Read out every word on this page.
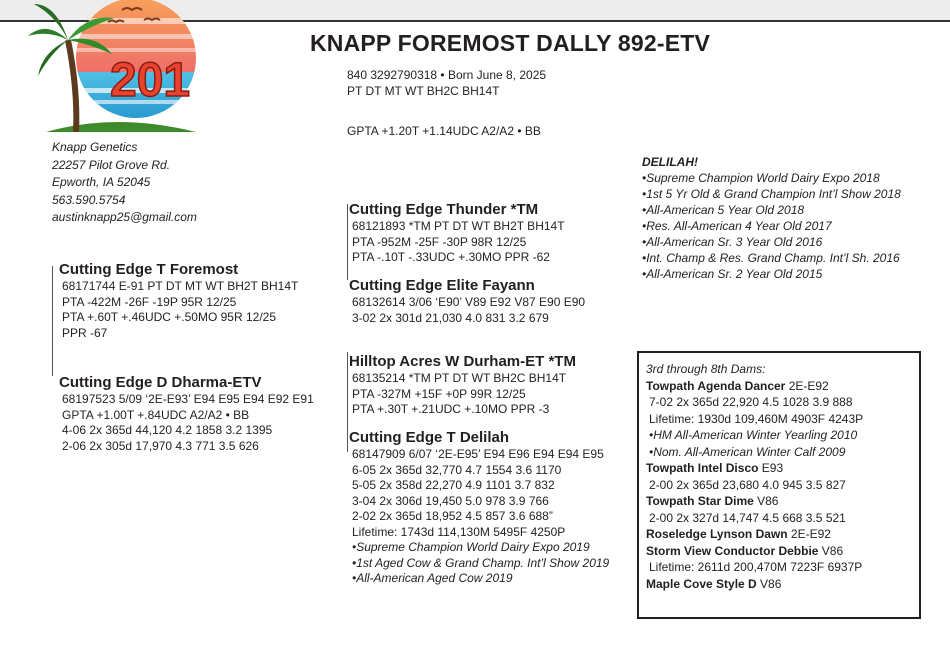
201
KNAPP FOREMOST DALLY 892-ETV
840 3292790318 • Born June 8, 2025
PT DT MT WT BH2C BH14T
GPTA +1.20T +1.14UDC A2/A2 • BB
Knapp Genetics
22257 Pilot Grove Rd.
Epworth, IA 52045
563.590.5754
austinknapp25@gmail.com
Cutting Edge T Foremost
68171744 E-91 PT DT MT WT BH2T BH14T
PTA -422M -26F -19P 95R 12/25
PTA +.60T +.46UDC +.50MO 95R 12/25
PPR -67
Cutting Edge D Dharma-ETV
68197523 5/09 ‘2E-E93’ E94 E95 E94 E92 E91
GPTA +1.00T +.84UDC A2/A2 • BB
4-06 2x 365d 44,120 4.2 1858 3.2 1395
2-06 2x 305d 17,970 4.3 771 3.5 626
Cutting Edge Thunder *TM
68121893 *TM PT DT WT BH2T BH14T
PTA -952M -25F -30P 98R 12/25
PTA -.10T -.33UDC +.30MO PPR -62
Cutting Edge Elite Fayann
68132614 3/06 ‘E90’ V89 E92 V87 E90 E90
3-02 2x 301d 21,030 4.0 831 3.2 679
Hilltop Acres W Durham-ET *TM
68135214 *TM PT DT WT BH2C BH14T
PTA -327M +15F +0P 99R 12/25
PTA +.30T +.21UDC +.10MO PPR -3
Cutting Edge T Delilah
68147909 6/07 ‘2E-E95’ E94 E96 E94 E94 E95
6-05 2x 365d 32,770 4.7 1554 3.6 1170
5-05 2x 358d 22,270 4.9 1101 3.7 832
3-04 2x 306d 19,450 5.0 978 3.9 766
2-02 2x 365d 18,952 4.5 857 3.6 688”
Lifetime: 1743d 114,130M 5495F 4250P
•Supreme Champion World Dairy Expo 2019
•1st Aged Cow & Grand Champ. Int’l Show 2019
•All-American Aged Cow 2019
DELILAH!
•Supreme Champion World Dairy Expo 2018
•1st 5 Yr Old & Grand Champion Int’l Show 2018
•All-American 5 Year Old 2018
•Res. All-American 4 Year Old 2017
•All-American Sr. 3 Year Old 2016
•Int. Champ & Res. Grand Champ. Int’l Sh. 2016
•All-American Sr. 2 Year Old 2015
3rd through 8th Dams:
Towpath Agenda Dancer 2E-E92
7-02 2x 365d 22,920 4.5 1028 3.9 888
Lifetime: 1930d 109,460M 4903F 4243P
•HM All-American Winter Yearling 2010
•Nom. All-American Winter Calf 2009
Towpath Intel Disco E93
2-00 2x 365d 23,680 4.0 945 3.5 827
Towpath Star Dime V86
2-00 2x 327d 14,747 4.5 668 3.5 521
Roseledge Lynson Dawn 2E-E92
Storm View Conductor Debbie V86
Lifetime: 2611d 200,470M 7223F 6937P
Maple Cove Style D V86
